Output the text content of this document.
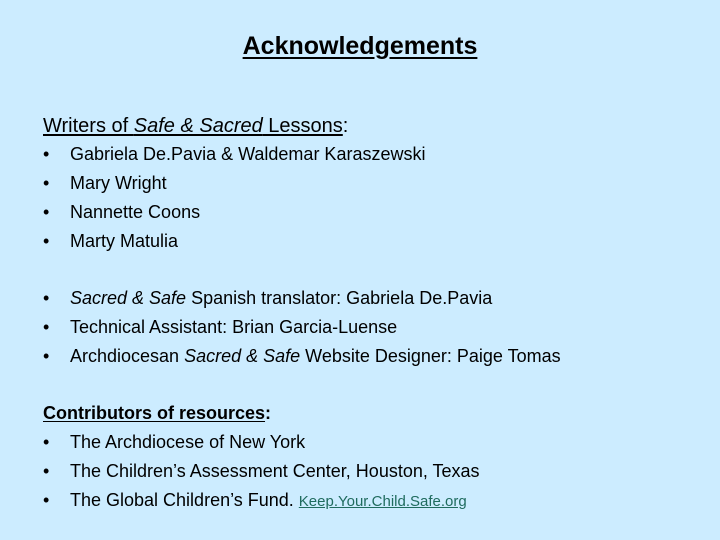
Acknowledgements

Writers of Safe & Sacred Lessons:

• Gabriela De.Pavia & Waldemar Karaszewski
• Mary Wright
• Nannette Coons
• Marty Matulia
• Sacred & Safe Spanish translator: Gabriela De.Pavia
• Technical Assistant: Brian Garcia-Luense
• Archdiocesan Sacred & Safe Website Designer: Paige Tomas

Contributors of resources:

• The Archdiocese of New York
• The Children’s Assessment Center, Houston, Texas
• The Global Children’s Fund. Keep.Your.Child.Safe.org
